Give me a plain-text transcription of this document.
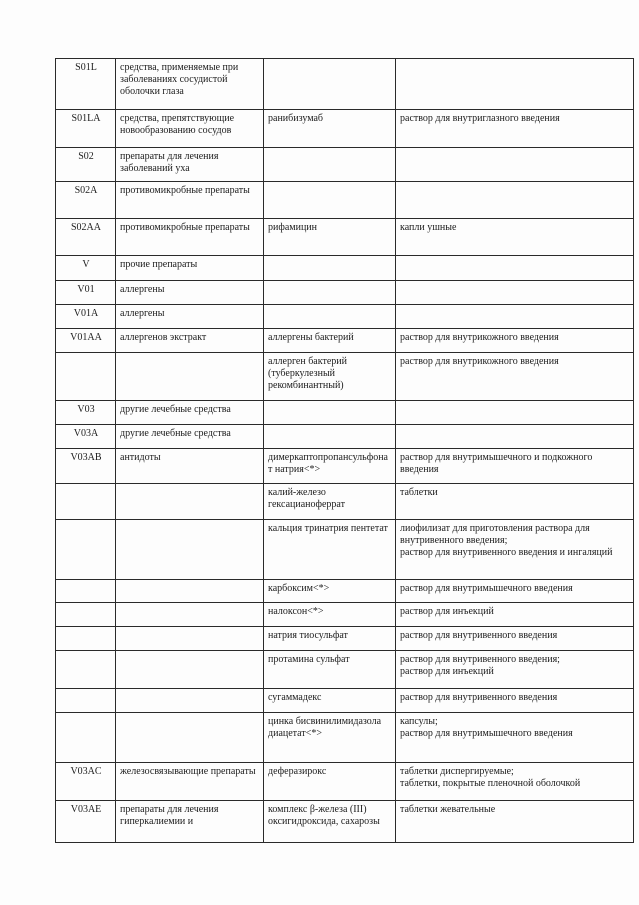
S01L	средства, применяемые при заболеваниях сосудистой оболочки глаза		
S01LA	средства, препятствующие новообразованию сосудов	ранибизумаб	раствор для внутриглазного введения

S02	препараты для лечения заболеваний уха		
S02A	противомикробные препараты		
S02AA	противомикробные препараты	рифамицин	капли ушные

V	прочие препараты		
V01	аллергены		
V01A	аллергены		
V01AA	аллергенов экстракт	аллергены бактерий	раствор для внутрикожного введения

		аллерген бактерий (туберкулезный рекомбинантный)	раствор для внутрикожного введения

V03	другие лечебные средства		
V03A	другие лечебные средства		
V03AB	антидоты	димеркаптопропансульфонат натрия<*>	раствор для внутримышечного и подкожного введения

		калий-железо гексацианоферрат	таблетки

		кальция тринатрия пентетат	лиофилизат для приготовления раствора для внутривенного введения;
раствор для внутривенного введения и ингаляций

		карбоксим<*>	раствор для внутримышечного введения

		налоксон<*>	раствор для инъекций

		натрия тиосульфат	раствор для внутривенного введения

		протамина сульфат	раствор для внутривенного введения;
раствор для инъекций

		сугаммадекс	раствор для внутривенного введения

		цинка бисвинилимидазола диацетат<*>	капсулы;
раствор для внутримышечного введения

V03AC	железосвязывающие препараты	деферазирокс	таблетки диспергируемые;
таблетки, покрытые пленочной оболочкой

V03AE	препараты для лечения гиперкалиемии и	комплекс β-железа (III) оксигидроксида, сахарозы	таблетки жевательные
